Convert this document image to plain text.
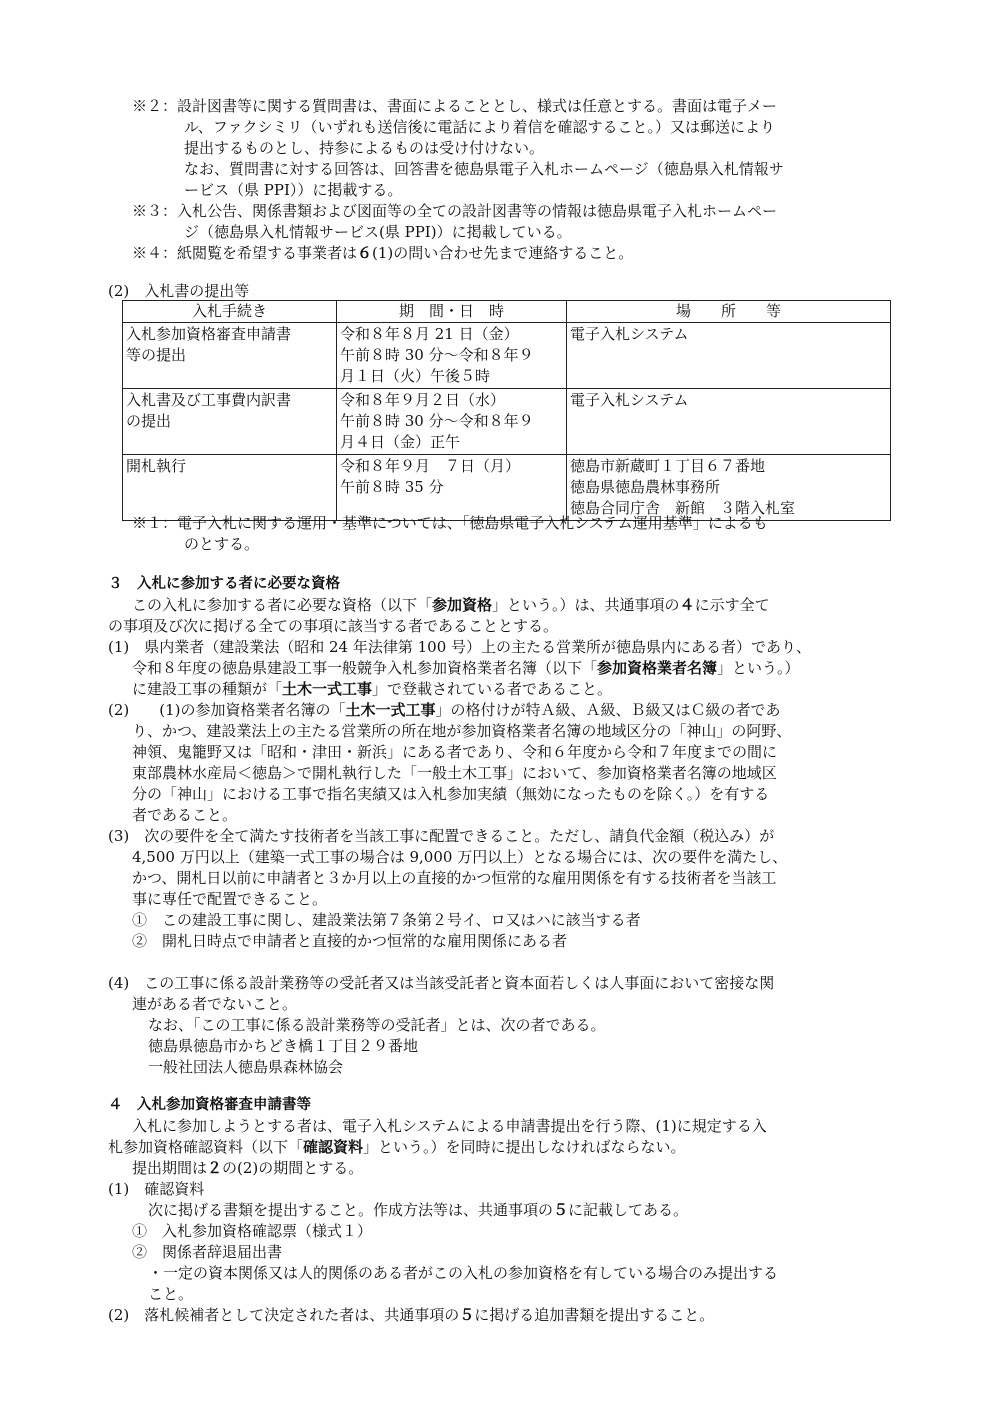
※２：設計図書等に関する質問書は、書面によることとし、様式は任意とする。書面は電子メー
ル、ファクシミリ（いずれも送信後に電話により着信を確認すること。）又は郵送により
提出するものとし、持参によるものは受け付けない。
なお、質問書に対する回答は、回答書を徳島県電子入札ホームページ（徳島県入札情報サ
ービス（県 PPI））に掲載する。
※３：入札公告、関係書類および図面等の全ての設計図書等の情報は徳島県電子入札ホームペー
ジ（徳島県入札情報サービス(県 PPI)）に掲載している。
※４：紙閲覧を希望する事業者は６(1)の問い合わせ先まで連絡すること。
(2)　入札書の提出等
入札手続き	期　間・日　時	場　　所　　等
入札参加資格審査申請書
等の提出	令和８年８月 21 日（金）
午前８時 30 分～令和８年９
月１日（火）午後５時	電子入札システム
入札書及び工事費内訳書
の提出	令和８年９月２日（水）
午前８時 30 分～令和８年９
月４日（金）正午	電子入札システム
開札執行	令和８年９月　７日（月）
午前８時 35 分	徳島市新蔵町１丁目６７番地
徳島県徳島農林事務所
徳島合同庁舎　新館　３階入札室
※１：電子入札に関する運用・基準については、「徳島県電子入札システム運用基準」によるも
のとする。
３　入札に参加する者に必要な資格
この入札に参加する者に必要な資格（以下「参加資格」という。）は、共通事項の４に示す全て
の事項及び次に掲げる全ての事項に該当する者であることとする。
(1)　県内業者（建設業法（昭和 24 年法律第 100 号）上の主たる営業所が徳島県内にある者）であり、
令和８年度の徳島県建設工事一般競争入札参加資格業者名簿（以下「参加資格業者名簿」という。）
に建設工事の種類が「土木一式工事」で登載されている者であること。
(2)　　(1)の参加資格業者名簿の「土木一式工事」の格付けが特Ａ級、Ａ級、Ｂ級又はＣ級の者であ
り、かつ、建設業法上の主たる営業所の所在地が参加資格業者名簿の地域区分の「神山」の阿野、
神領、鬼籠野又は「昭和・津田・新浜」にある者であり、令和６年度から令和７年度までの間に
東部農林水産局＜徳島＞で開札執行した「一般土木工事」において、参加資格業者名簿の地域区
分の「神山」における工事で指名実績又は入札参加実績（無効になったものを除く。）を有する
者であること。
(3)　次の要件を全て満たす技術者を当該工事に配置できること。ただし、請負代金額（税込み）が
4,500 万円以上（建築一式工事の場合は 9,000 万円以上）となる場合には、次の要件を満たし、
かつ、開札日以前に申請者と３か月以上の直接的かつ恒常的な雇用関係を有する技術者を当該工
事に専任で配置できること。
①　この建設工事に関し、建設業法第７条第２号イ、ロ又はハに該当する者
②　開札日時点で申請者と直接的かつ恒常的な雇用関係にある者
(4)　この工事に係る設計業務等の受託者又は当該受託者と資本面若しくは人事面において密接な関
連がある者でないこと。
なお、「この工事に係る設計業務等の受託者」とは、次の者である。
徳島県徳島市かちどき橋１丁目２９番地
一般社団法人徳島県森林協会
４　入札参加資格審査申請書等
入札に参加しようとする者は、電子入札システムによる申請書提出を行う際、(1)に規定する入
札参加資格確認資料（以下「確認資料」という。）を同時に提出しなければならない。
提出期間は２の(2)の期間とする。
(1)　確認資料
次に掲げる書類を提出すること。作成方法等は、共通事項の５に記載してある。
①　入札参加資格確認票（様式１）
②　関係者辞退届出書
・一定の資本関係又は人的関係のある者がこの入札の参加資格を有している場合のみ提出する
こと。
(2)　落札候補者として決定された者は、共通事項の５に掲げる追加書類を提出すること。
